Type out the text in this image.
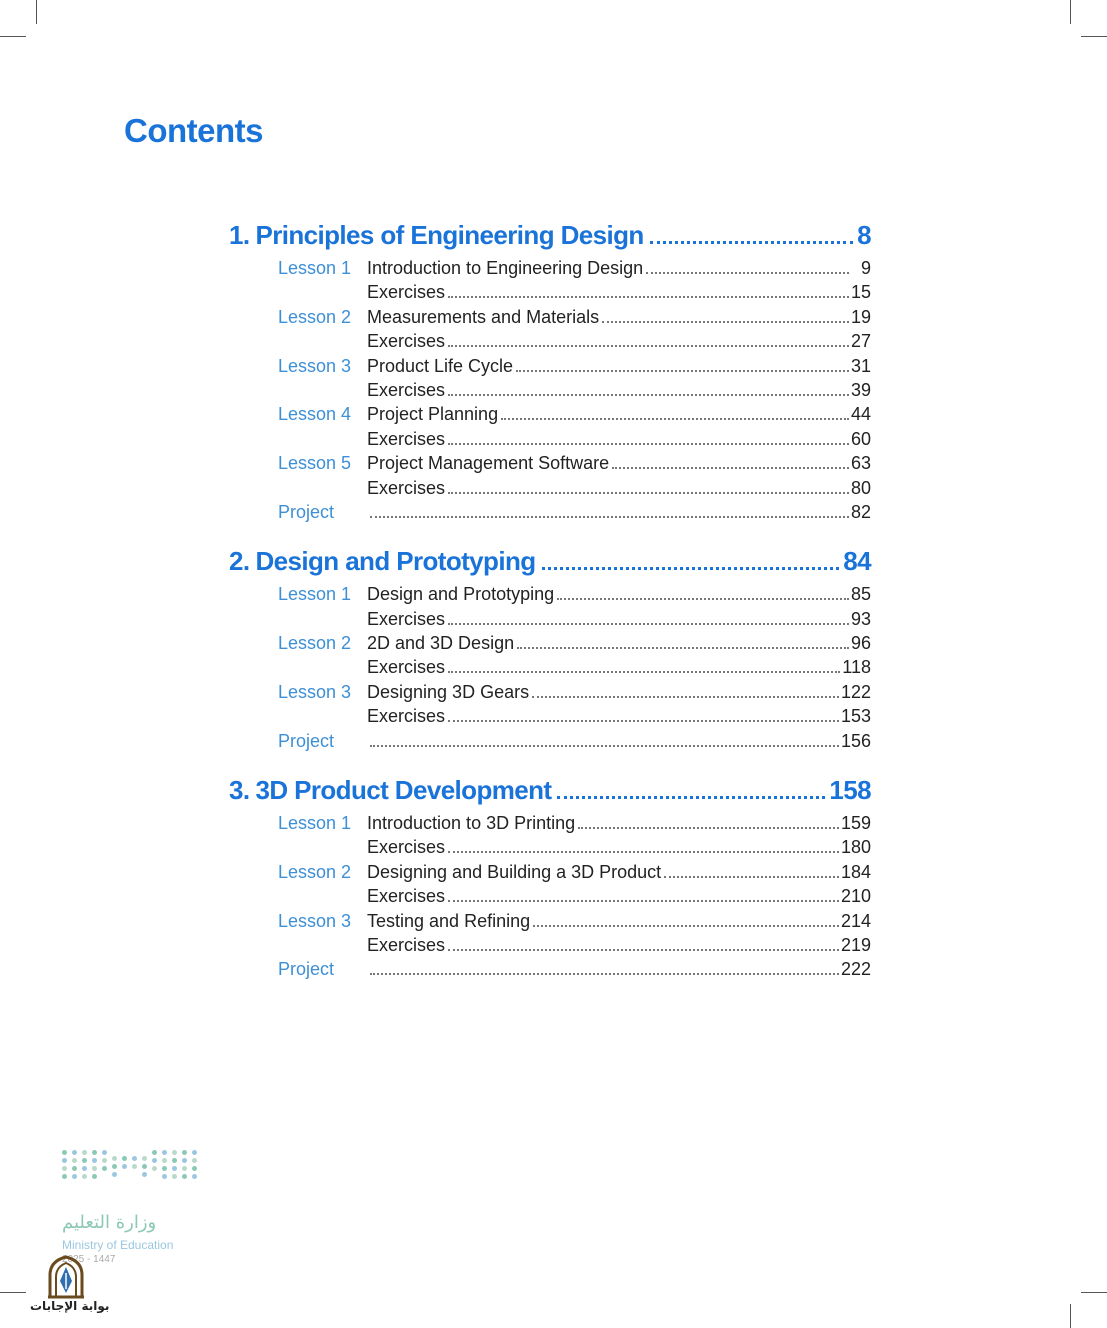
Contents
1. Principles of Engineering Design	8
Lesson 1 Introduction to Engineering Design	9
Exercises	15
Lesson 2 Measurements and Materials	19
Exercises	27
Lesson 3 Product Life Cycle	31
Exercises	39
Lesson 4 Project Planning	44
Exercises	60
Lesson 5 Project Management Software	63
Exercises	80
Project	82
2. Design and Prototyping	84
Lesson 1 Design and Prototyping	85
Exercises	93
Lesson 2 2D and 3D Design	96
Exercises	118
Lesson 3 Designing 3D Gears	122
Exercises	153
Project	156
3. 3D Product Development	158
Lesson 1 Introduction to 3D Printing	159
Exercises	180
Lesson 2 Designing and Building a 3D Product	184
Exercises	210
Lesson 3 Testing and Refining	214
Exercises	219
Project	222
وزارة التعليم
Ministry of Education
2025 - 1447
بوابة الإجابات
